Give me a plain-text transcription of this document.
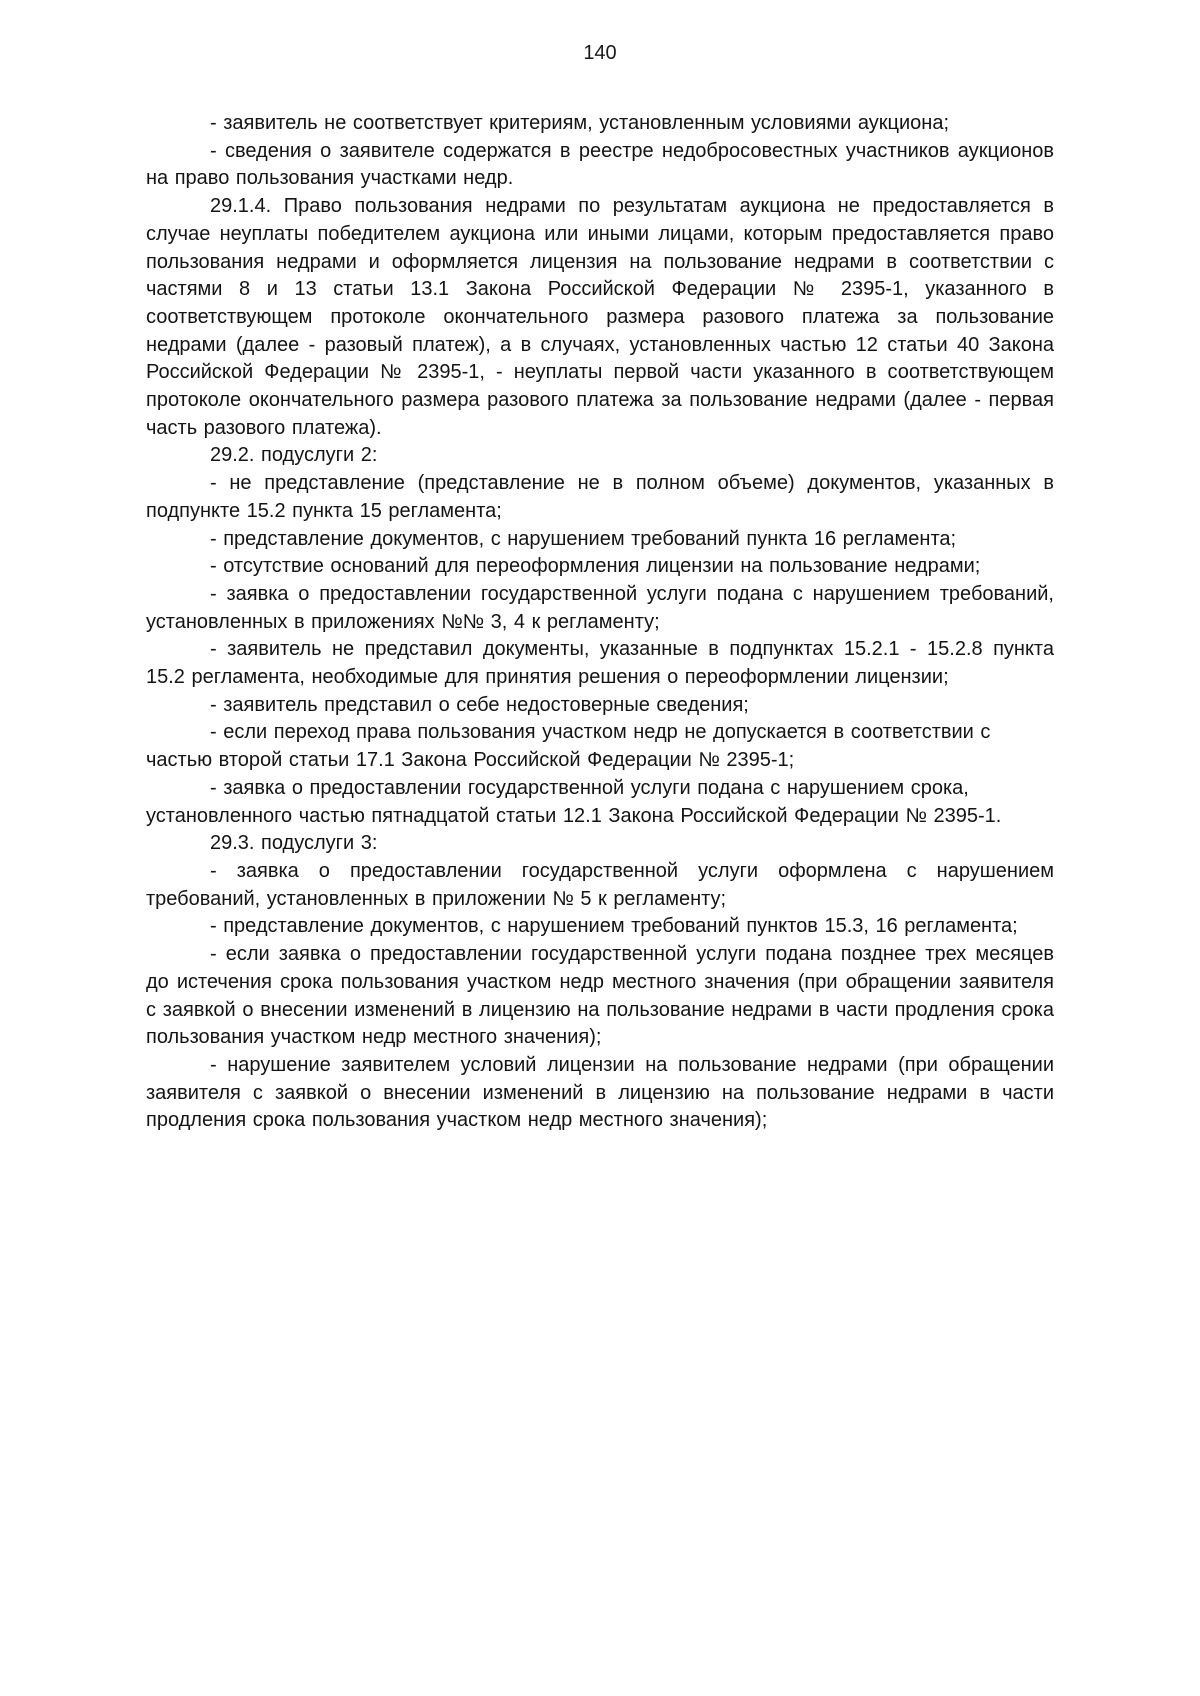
140

- заявитель не соответствует критериям, установленным условиями аукциона;

- сведения о заявителе содержатся в реестре недобросовестных участников аукционов на право пользования участками недр.

29.1.4. Право пользования недрами по результатам аукциона не предоставляется в случае неуплаты победителем аукциона или иными лицами, которым предоставляется право пользования недрами и оформляется лицензия на пользование недрами в соответствии с частями 8 и 13 статьи 13.1 Закона Российской Федерации № 2395-1, указанного в соответствующем протоколе окончательного размера разового платежа за пользование недрами (далее - разовый платеж), а в случаях, установленных частью 12 статьи 40 Закона Российской Федерации № 2395-1, - неуплаты первой части указанного в соответствующем протоколе окончательного размера разового платежа за пользование недрами (далее - первая часть разового платежа).

29.2. подуслуги 2:

- не представление (представление не в полном объеме) документов, указанных в подпункте 15.2 пункта 15 регламента;

- представление документов, с нарушением требований пункта 16 регламента;

- отсутствие оснований для переоформления лицензии на пользование недрами;

- заявка о предоставлении государственной услуги подана с нарушением требований, установленных в приложениях №№ 3, 4 к регламенту;

- заявитель не представил документы, указанные в подпунктах 15.2.1 - 15.2.8 пункта 15.2 регламента, необходимые для принятия решения о переоформлении лицензии;

- заявитель представил о себе недостоверные сведения;

- если переход права пользования участком недр не допускается в соответствии с частью второй статьи 17.1 Закона Российской Федерации № 2395-1;

- заявка о предоставлении государственной услуги подана с нарушением срока, установленного частью пятнадцатой статьи 12.1 Закона Российской Федерации № 2395-1.

29.3. подуслуги 3:

- заявка о предоставлении государственной услуги оформлена с нарушением требований, установленных в приложении № 5 к регламенту;

- представление документов, с нарушением требований пунктов 15.3, 16 регламента;

- если заявка о предоставлении государственной услуги подана позднее трех месяцев до истечения срока пользования участком недр местного значения (при обращении заявителя с заявкой о внесении изменений в лицензию на пользование недрами в части продления срока пользования участком недр местного значения);

- нарушение заявителем условий лицензии на пользование недрами (при обращении заявителя с заявкой о внесении изменений в лицензию на пользование недрами в части продления срока пользования участком недр местного значения);
